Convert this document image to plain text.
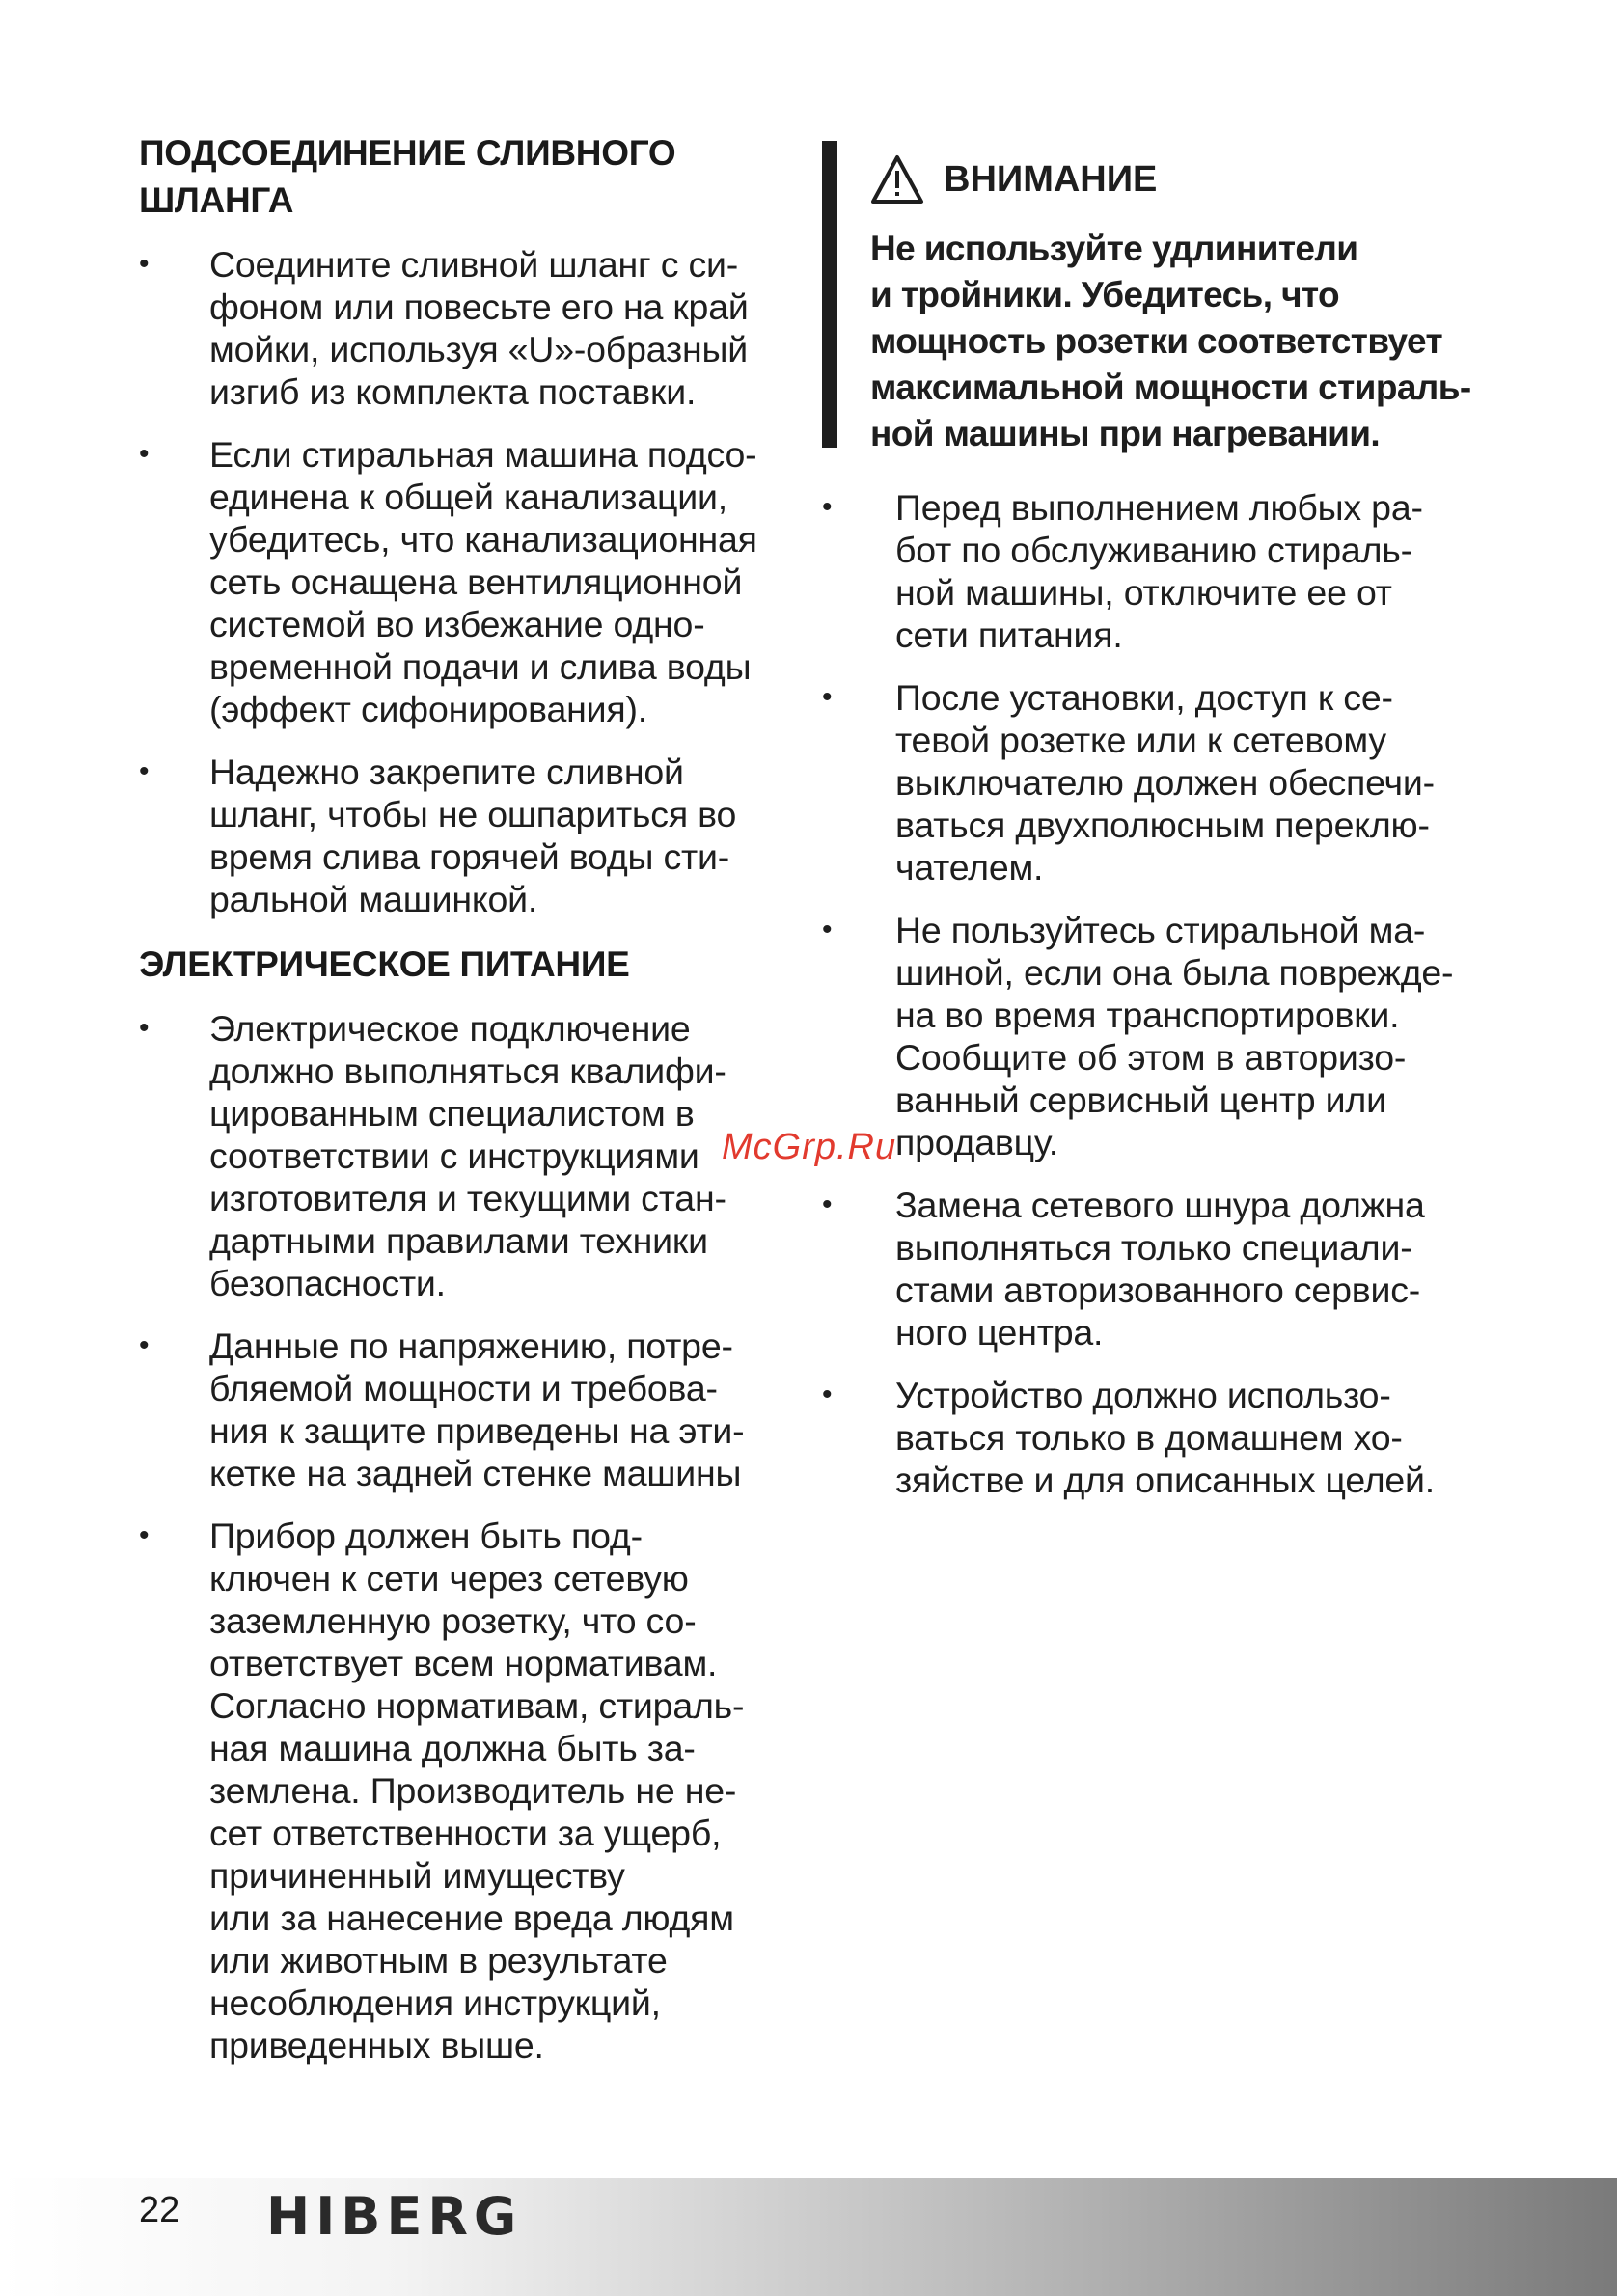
ПОДСОЕДИНЕНИЕ СЛИВНОГО
ШЛАНГА
• Соедините сливной шланг с си-
фоном или повесьте его на край
мойки, используя «U»-образный
изгиб из комплекта поставки.
• Если стиральная машина подсо-
единена к общей канализации,
убедитесь, что канализационная
сеть оснащена вентиляционной
системой во избежание одно-
временной подачи и слива воды
(эффект сифонирования).
• Надежно закрепите сливной
шланг, чтобы не ошпариться во
время слива горячей воды сти-
ральной машинкой.
ЭЛЕКТРИЧЕСКОЕ ПИТАНИЕ
• Электрическое подключение
должно выполняться квалифи-
цированным специалистом в
соответствии с инструкциями
изготовителя и текущими стан-
дартными правилами техники
безопасности.
• Данные по напряжению, потре-
бляемой мощности и требова-
ния к защите приведены на эти-
кетке на задней стенке машины
• Прибор должен быть под-
ключен к сети через сетевую
заземленную розетку, что со-
ответствует всем нормативам.
Согласно нормативам, стираль-
ная машина должна быть за-
землена. Производитель не не-
сет ответственности за ущерб,
причиненный имуществу
или за нанесение вреда людям
или животным в результате
несоблюдения инструкций,
приведенных выше.
ВНИМАНИЕ
Не используйте удлинители
и тройники. Убедитесь, что
мощность розетки соответствует
максимальной мощности стираль-
ной машины при нагревании.
• Перед выполнением любых ра-
бот по обслуживанию стираль-
ной машины, отключите ее от
сети питания.
• После установки, доступ к се-
тевой розетке или к сетевому
выключателю должен обеспечи-
ваться двухполюсным переклю-
чателем.
• Не пользуйтесь стиральной ма-
шиной, если она была поврежде-
на во время транспортировки.
Сообщите об этом в авторизо-
ванный сервисный центр или
продавцу.
• Замена сетевого шнура должна
выполняться только специали-
стами авторизованного сервис-
ного центра.
• Устройство должно использо-
ваться только в домашнем хо-
зяйстве и для описанных целей.
McGrp.Ru
22 HIBERG
